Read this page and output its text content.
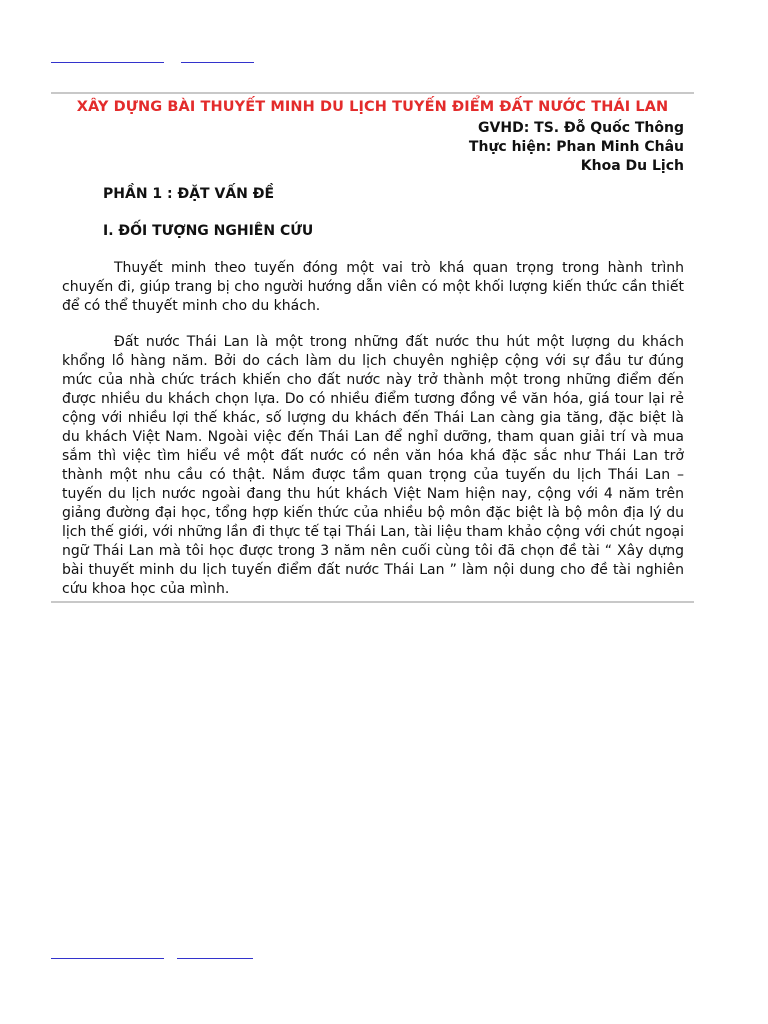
XÂY DỰNG BÀI THUYẾT MINH DU LỊCH TUYẾN ĐIỂM ĐẤT NƯỚC THÁI LAN
GVHD: TS. Đỗ Quốc Thông
Thực hiện: Phan Minh Châu
Khoa Du Lịch
PHẦN 1 : ĐẶT VẤN ĐỀ
I. ĐỐI TƯỢNG NGHIÊN CỨU

Thuyết minh theo tuyến đóng một vai trò khá quan trọng trong hành trình chuyến đi, giúp trang bị cho người hướng dẫn viên có một khối lượng kiến thức cần thiết để có thể thuyết minh cho du khách.

Đất nước Thái Lan là một trong những đất nước thu hút một lượng du khách khổng lồ hàng năm. Bởi do cách làm du lịch chuyên nghiệp cộng với sự đầu tư đúng mức của nhà chức trách khiến cho đất nước này trở thành một trong những điểm đến được nhiều du khách chọn lựa. Do có nhiều điểm tương đồng về văn hóa, giá tour lại rẻ cộng với nhiều lợi thế khác, số lượng du khách đến Thái Lan càng gia tăng, đặc biệt là du khách Việt Nam. Ngoài việc đến Thái Lan để nghỉ dưỡng, tham quan giải trí và mua sắm thì việc tìm hiểu về một đất nước có nền văn hóa khá đặc sắc như Thái Lan trở thành một nhu cầu có thật. Nắm được tầm quan trọng của tuyến du lịch Thái Lan – tuyến du lịch nước ngoài đang thu hút khách Việt Nam hiện nay, cộng với 4 năm trên giảng đường đại học, tổng hợp kiến thức của nhiều bộ môn đặc biệt là bộ môn địa lý du lịch thế giới, với những lần đi thực tế tại Thái Lan, tài liệu tham khảo cộng với chút ngoại ngữ Thái Lan mà tôi học được trong 3 năm nên cuối cùng tôi đã chọn đề tài “ Xây dựng bài thuyết minh du lịch tuyến điểm đất nước Thái Lan ” làm nội dung cho đề tài nghiên cứu khoa học của mình.
